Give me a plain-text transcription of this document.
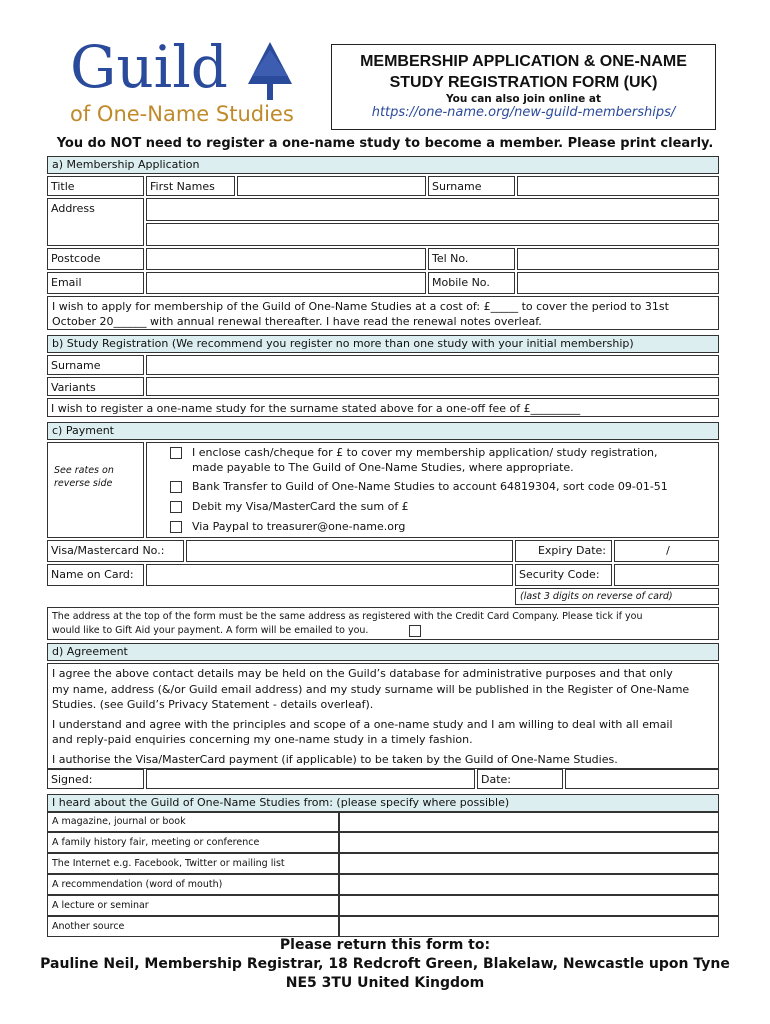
Guild
of One-Name Studies
MEMBERSHIP APPLICATION & ONE-NAME
STUDY REGISTRATION FORM (UK)
You can also join online at
https://one-name.org/new-guild-memberships/
You do NOT need to register a one-name study to become a member. Please print clearly.
a) Membership Application
Title	First Names	Surname
Address
Postcode	Tel No.
Email	Mobile No.
I wish to apply for membership of the Guild of One-Name Studies at a cost of: £_____ to cover the period to 31st
October 20______ with annual renewal thereafter. I have read the renewal notes overleaf.
b) Study Registration (We recommend you register no more than one study with your initial membership)
Surname
Variants
I wish to register a one-name study for the surname stated above for a one-off fee of £_________
c) Payment
See rates on
reverse side
I enclose cash/cheque for £ to cover my membership application/ study registration,
made payable to The Guild of One-Name Studies, where appropriate.
Bank Transfer to Guild of One-Name Studies to account 64819304, sort code 09-01-51
Debit my Visa/MasterCard the sum of £
Via Paypal to treasurer@one-name.org
Visa/Mastercard No.:	Expiry Date:	/
Name on Card:	Security Code:
(last 3 digits on reverse of card)
The address at the top of the form must be the same address as registered with the Credit Card Company. Please tick if you
would like to Gift Aid your payment. A form will be emailed to you.
d) Agreement
I agree the above contact details may be held on the Guild’s database for administrative purposes and that only
my name, address (&/or Guild email address) and my study surname will be published in the Register of One-Name
Studies. (see Guild’s Privacy Statement - details overleaf).
I understand and agree with the principles and scope of a one-name study and I am willing to deal with all email
and reply-paid enquiries concerning my one-name study in a timely fashion.
I authorise the Visa/MasterCard payment (if applicable) to be taken by the Guild of One-Name Studies.
Signed:	Date:
I heard about the Guild of One-Name Studies from: (please specify where possible)
A magazine, journal or book
A family history fair, meeting or conference
The Internet e.g. Facebook, Twitter or mailing list
A recommendation (word of mouth)
A lecture or seminar
Another source
Please return this form to:
Pauline Neil, Membership Registrar, 18 Redcroft Green, Blakelaw, Newcastle upon Tyne
NE5 3TU United Kingdom
